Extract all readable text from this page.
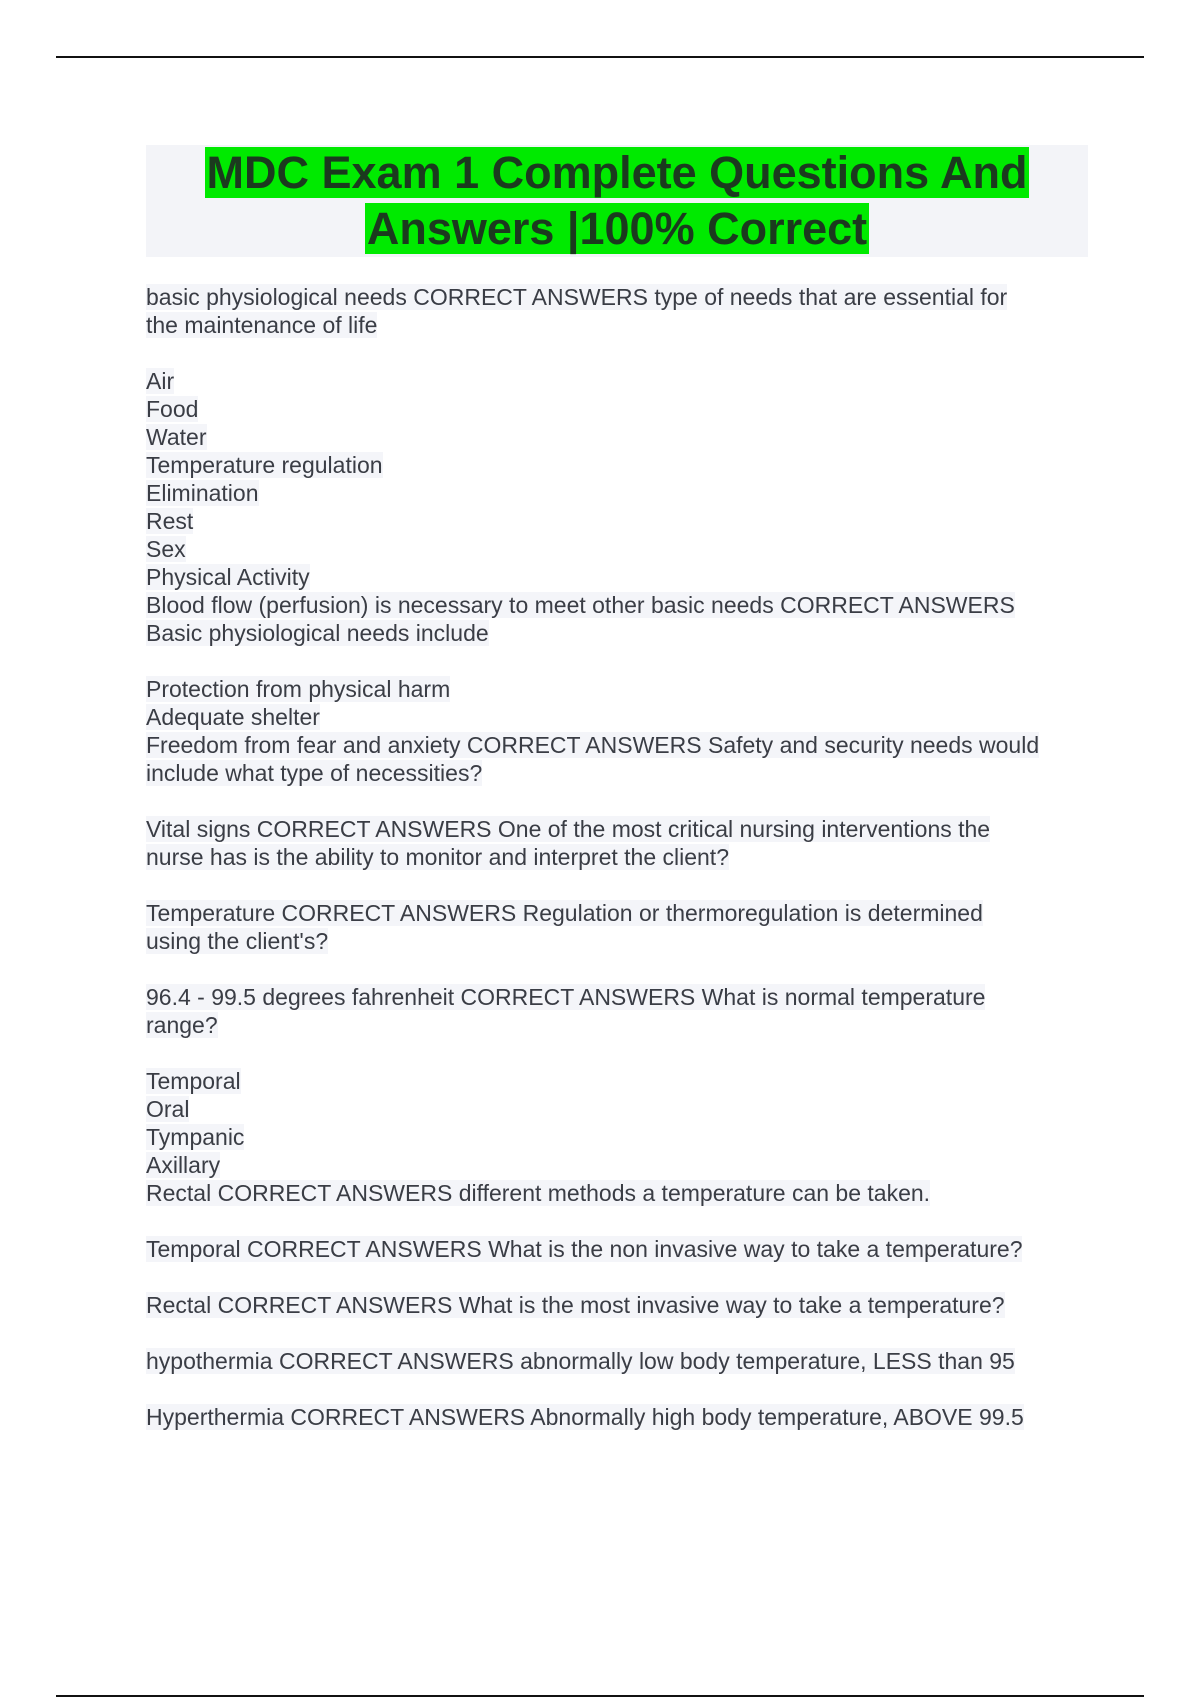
MDC Exam 1 Complete Questions And
Answers |100% Correct
basic physiological needs CORRECT ANSWERS type of needs that are essential for
the maintenance of life
Air
Food
Water
Temperature regulation
Elimination
Rest
Sex
Physical Activity
Blood flow (perfusion) is necessary to meet other basic needs CORRECT ANSWERS
Basic physiological needs include
Protection from physical harm
Adequate shelter
Freedom from fear and anxiety CORRECT ANSWERS Safety and security needs would
include what type of necessities?
Vital signs CORRECT ANSWERS One of the most critical nursing interventions the
nurse has is the ability to monitor and interpret the client?
Temperature CORRECT ANSWERS Regulation or thermoregulation is determined
using the client's?
96.4 - 99.5 degrees fahrenheit CORRECT ANSWERS What is normal temperature
range?
Temporal
Oral
Tympanic
Axillary
Rectal CORRECT ANSWERS different methods a temperature can be taken.
Temporal CORRECT ANSWERS What is the non invasive way to take a temperature?
Rectal CORRECT ANSWERS What is the most invasive way to take a temperature?
hypothermia CORRECT ANSWERS abnormally low body temperature, LESS than 95
Hyperthermia CORRECT ANSWERS Abnormally high body temperature, ABOVE 99.5
